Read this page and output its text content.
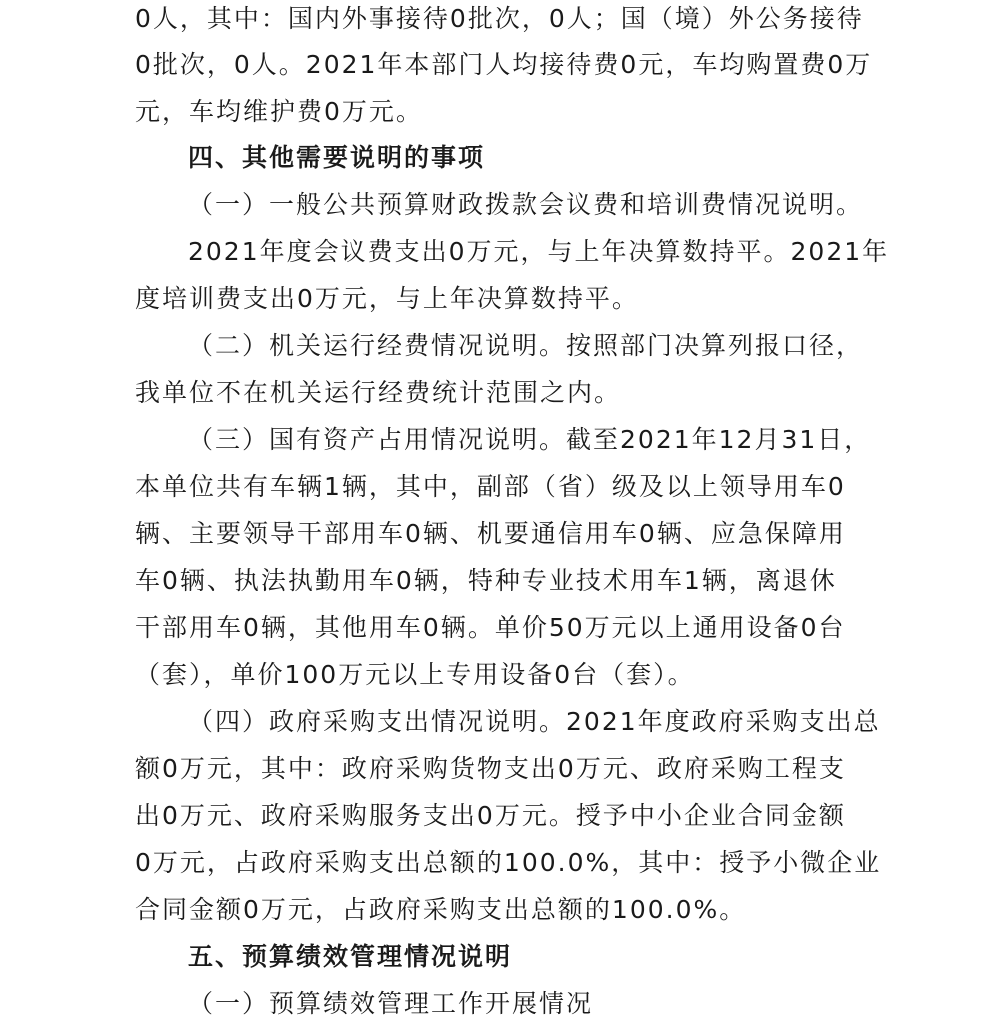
0人，其中：国内外事接待0批次，0人；国（境）外公务接待
0批次，0人。2021年本部门人均接待费0元，车均购置费0万
元，车均维护费0万元。
四、其他需要说明的事项
（一）一般公共预算财政拨款会议费和培训费情况说明。
2021年度会议费支出0万元，与上年决算数持平。2021年
度培训费支出0万元，与上年决算数持平。
（二）机关运行经费情况说明。按照部门决算列报口径，
我单位不在机关运行经费统计范围之内。
（三）国有资产占用情况说明。截至2021年12月31日，
本单位共有车辆1辆，其中，副部（省）级及以上领导用车0
辆、主要领导干部用车0辆、机要通信用车0辆、应急保障用
车0辆、执法执勤用车0辆，特种专业技术用车1辆，离退休
干部用车0辆，其他用车0辆。单价50万元以上通用设备0台
（套），单价100万元以上专用设备0台（套）。
（四）政府采购支出情况说明。2021年度政府采购支出总
额0万元，其中：政府采购货物支出0万元、政府采购工程支
出0万元、政府采购服务支出0万元。授予中小企业合同金额
0万元，占政府采购支出总额的100.0%，其中：授予小微企业
合同金额0万元，占政府采购支出总额的100.0%。
五、预算绩效管理情况说明
（一）预算绩效管理工作开展情况
